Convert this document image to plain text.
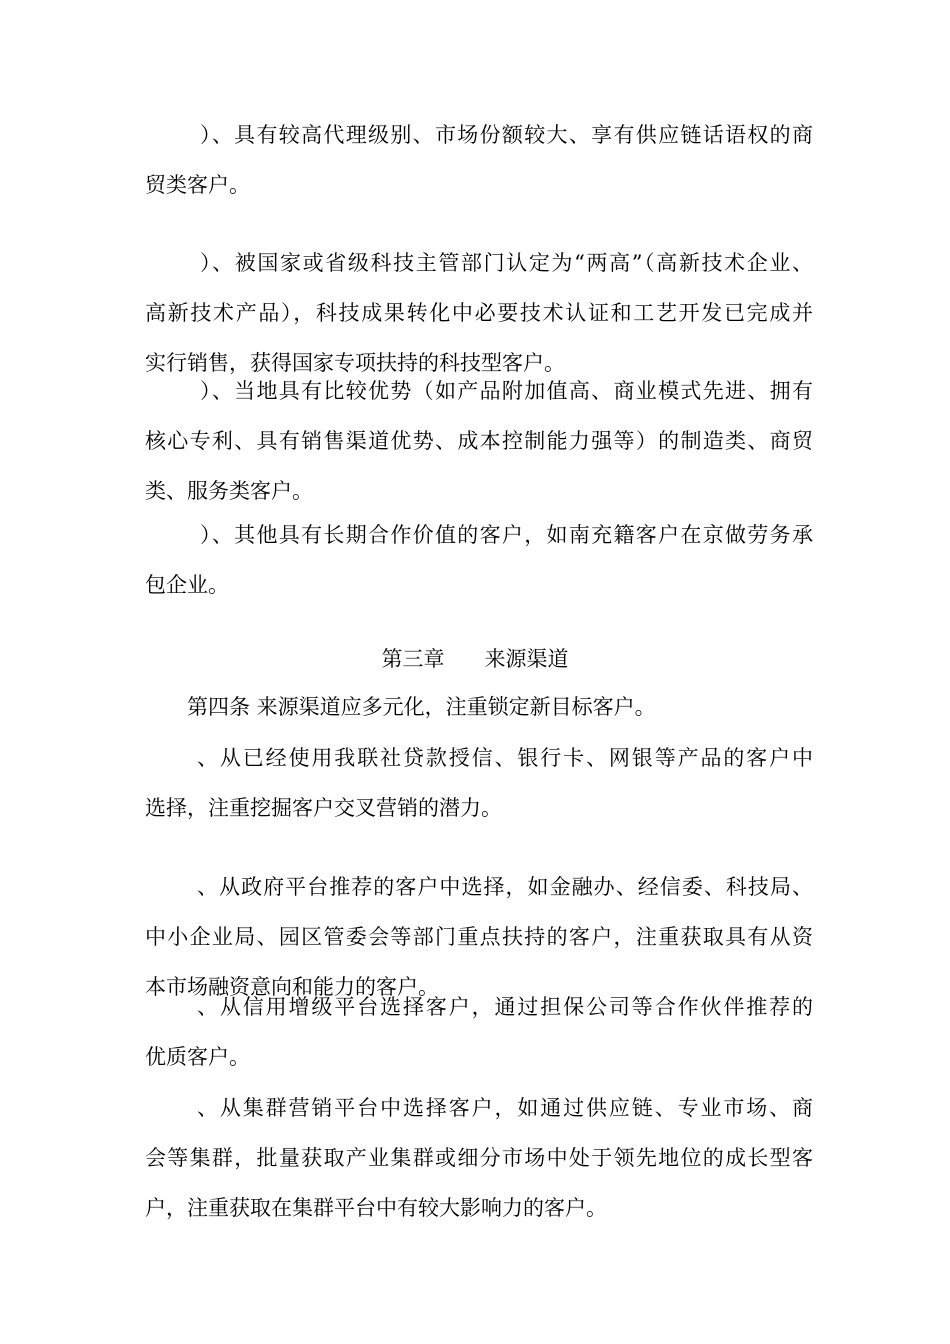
）、具有较高代理级别、市场份额较大、享有供应链话语权的商
贸类客户。
）、被国家或省级科技主管部门认定为“两高”（高新技术企业、
高新技术产品），科技成果转化中必要技术认证和工艺开发已完成并
实行销售，获得国家专项扶持的科技型客户。
）、当地具有比较优势（如产品附加值高、商业模式先进、拥有
核心专利、具有销售渠道优势、成本控制能力强等）的制造类、商贸
类、服务类客户。
）、其他具有长期合作价值的客户，如南充籍客户在京做劳务承
包企业。

第三章 来源渠道

第四条 来源渠道应多元化，注重锁定新目标客户。

、从已经使用我联社贷款授信、银行卡、网银等产品的客户中
选择，注重挖掘客户交叉营销的潜力。
、从政府平台推荐的客户中选择，如金融办、经信委、科技局、
中小企业局、园区管委会等部门重点扶持的客户，注重获取具有从资
本市场融资意向和能力的客户。
、从信用增级平台选择客户，通过担保公司等合作伙伴推荐的
优质客户。
、从集群营销平台中选择客户，如通过供应链、专业市场、商
会等集群，批量获取产业集群或细分市场中处于领先地位的成长型客
户，注重获取在集群平台中有较大影响力的客户。
